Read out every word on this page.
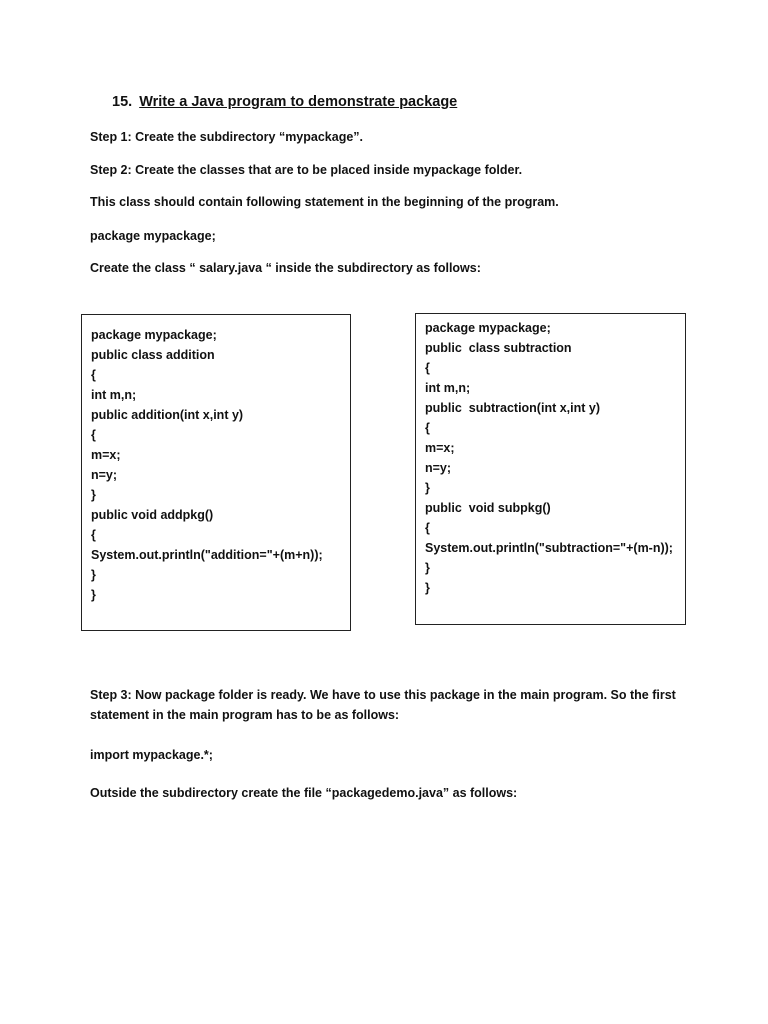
15. Write a Java program to demonstrate package
Step 1: Create the subdirectory “mypackage”.
Step 2: Create the classes that are to be placed inside mypackage folder.
This class should contain following statement in the beginning of the program.
package mypackage;
Create the class “ salary.java “ inside the subdirectory as follows:
package mypackage;
public class addition
{
int m,n;
public addition(int x,int y)
{
m=x;
n=y;
}
public void addpkg()
{
System.out.println("addition="+(m+n));
}
}
package mypackage;
public  class subtraction
{
int m,n;
public  subtraction(int x,int y)
{
m=x;
n=y;
}
public  void subpkg()
{
System.out.println("subtraction="+(m-n));
}
}
Step 3: Now package folder is ready. We have to use this package in the main program. So the first statement in the main program has to be as follows:
import mypackage.*;
Outside the subdirectory create the file “packagedemo.java” as follows:
